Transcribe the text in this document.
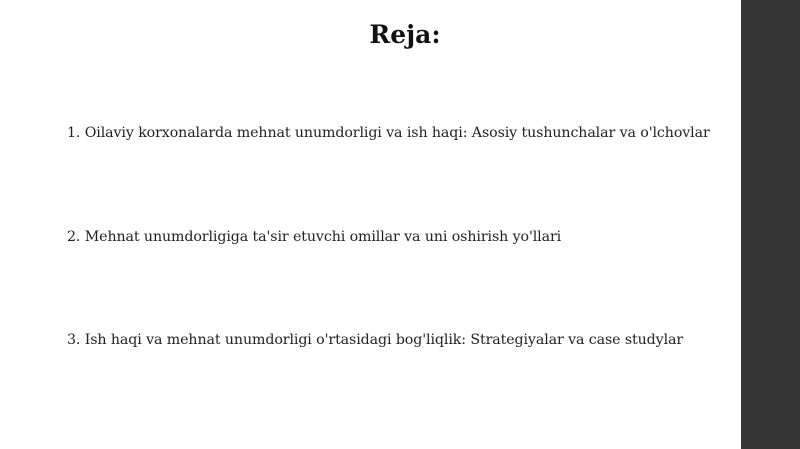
Reja:
1. Oilaviy korxonalarda mehnat unumdorligi va ish haqi: Asosiy tushunchalar va o'lchovlar
2. Mehnat unumdorligiga ta'sir etuvchi omillar va uni oshirish yo'llari
3. Ish haqi va mehnat unumdorligi o'rtasidagi bog'liqlik: Strategiyalar va case studylar
